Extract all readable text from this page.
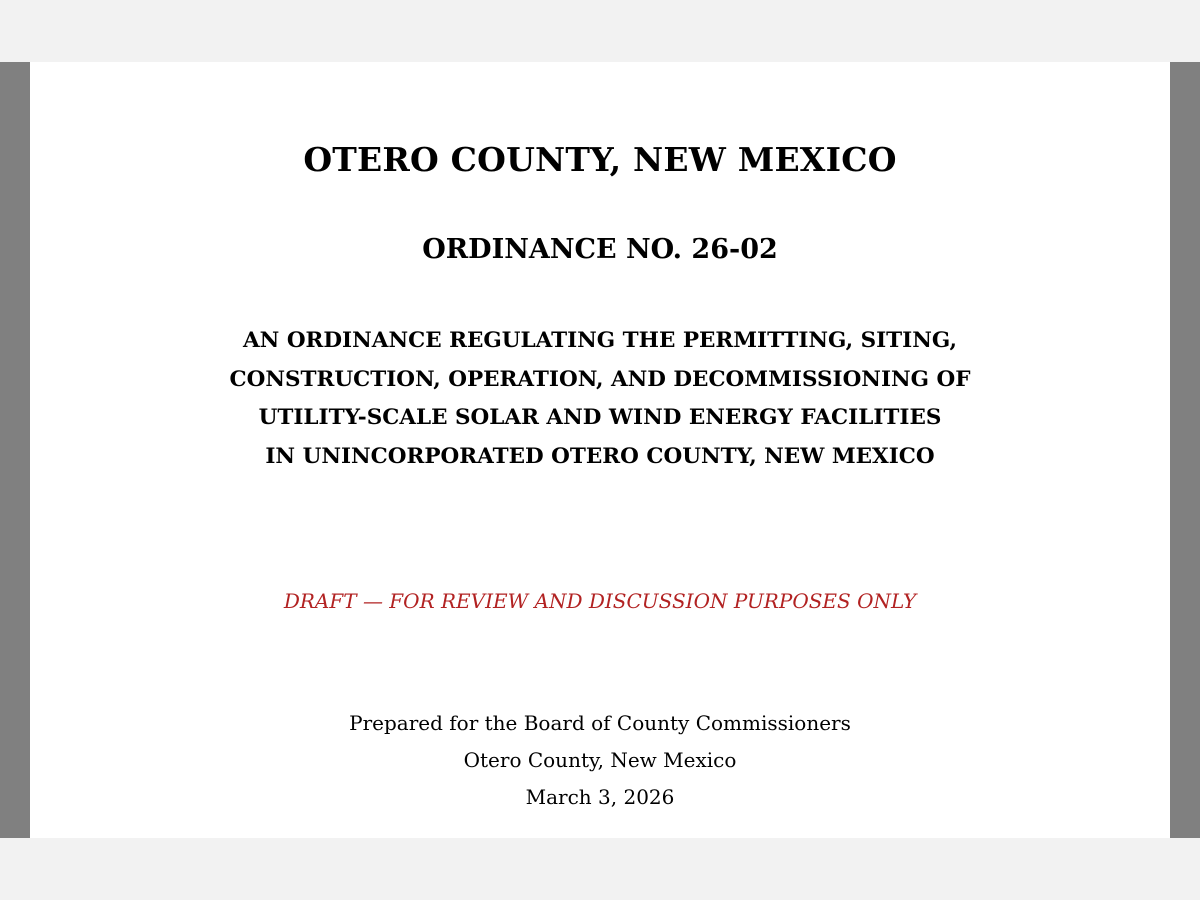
OTERO COUNTY, NEW MEXICO
ORDINANCE NO. 26-02
AN ORDINANCE REGULATING THE PERMITTING, SITING,
CONSTRUCTION, OPERATION, AND DECOMMISSIONING OF
UTILITY-SCALE SOLAR AND WIND ENERGY FACILITIES
IN UNINCORPORATED OTERO COUNTY, NEW MEXICO
DRAFT — FOR REVIEW AND DISCUSSION PURPOSES ONLY
Prepared for the Board of County Commissioners
Otero County, New Mexico
March 3, 2026
